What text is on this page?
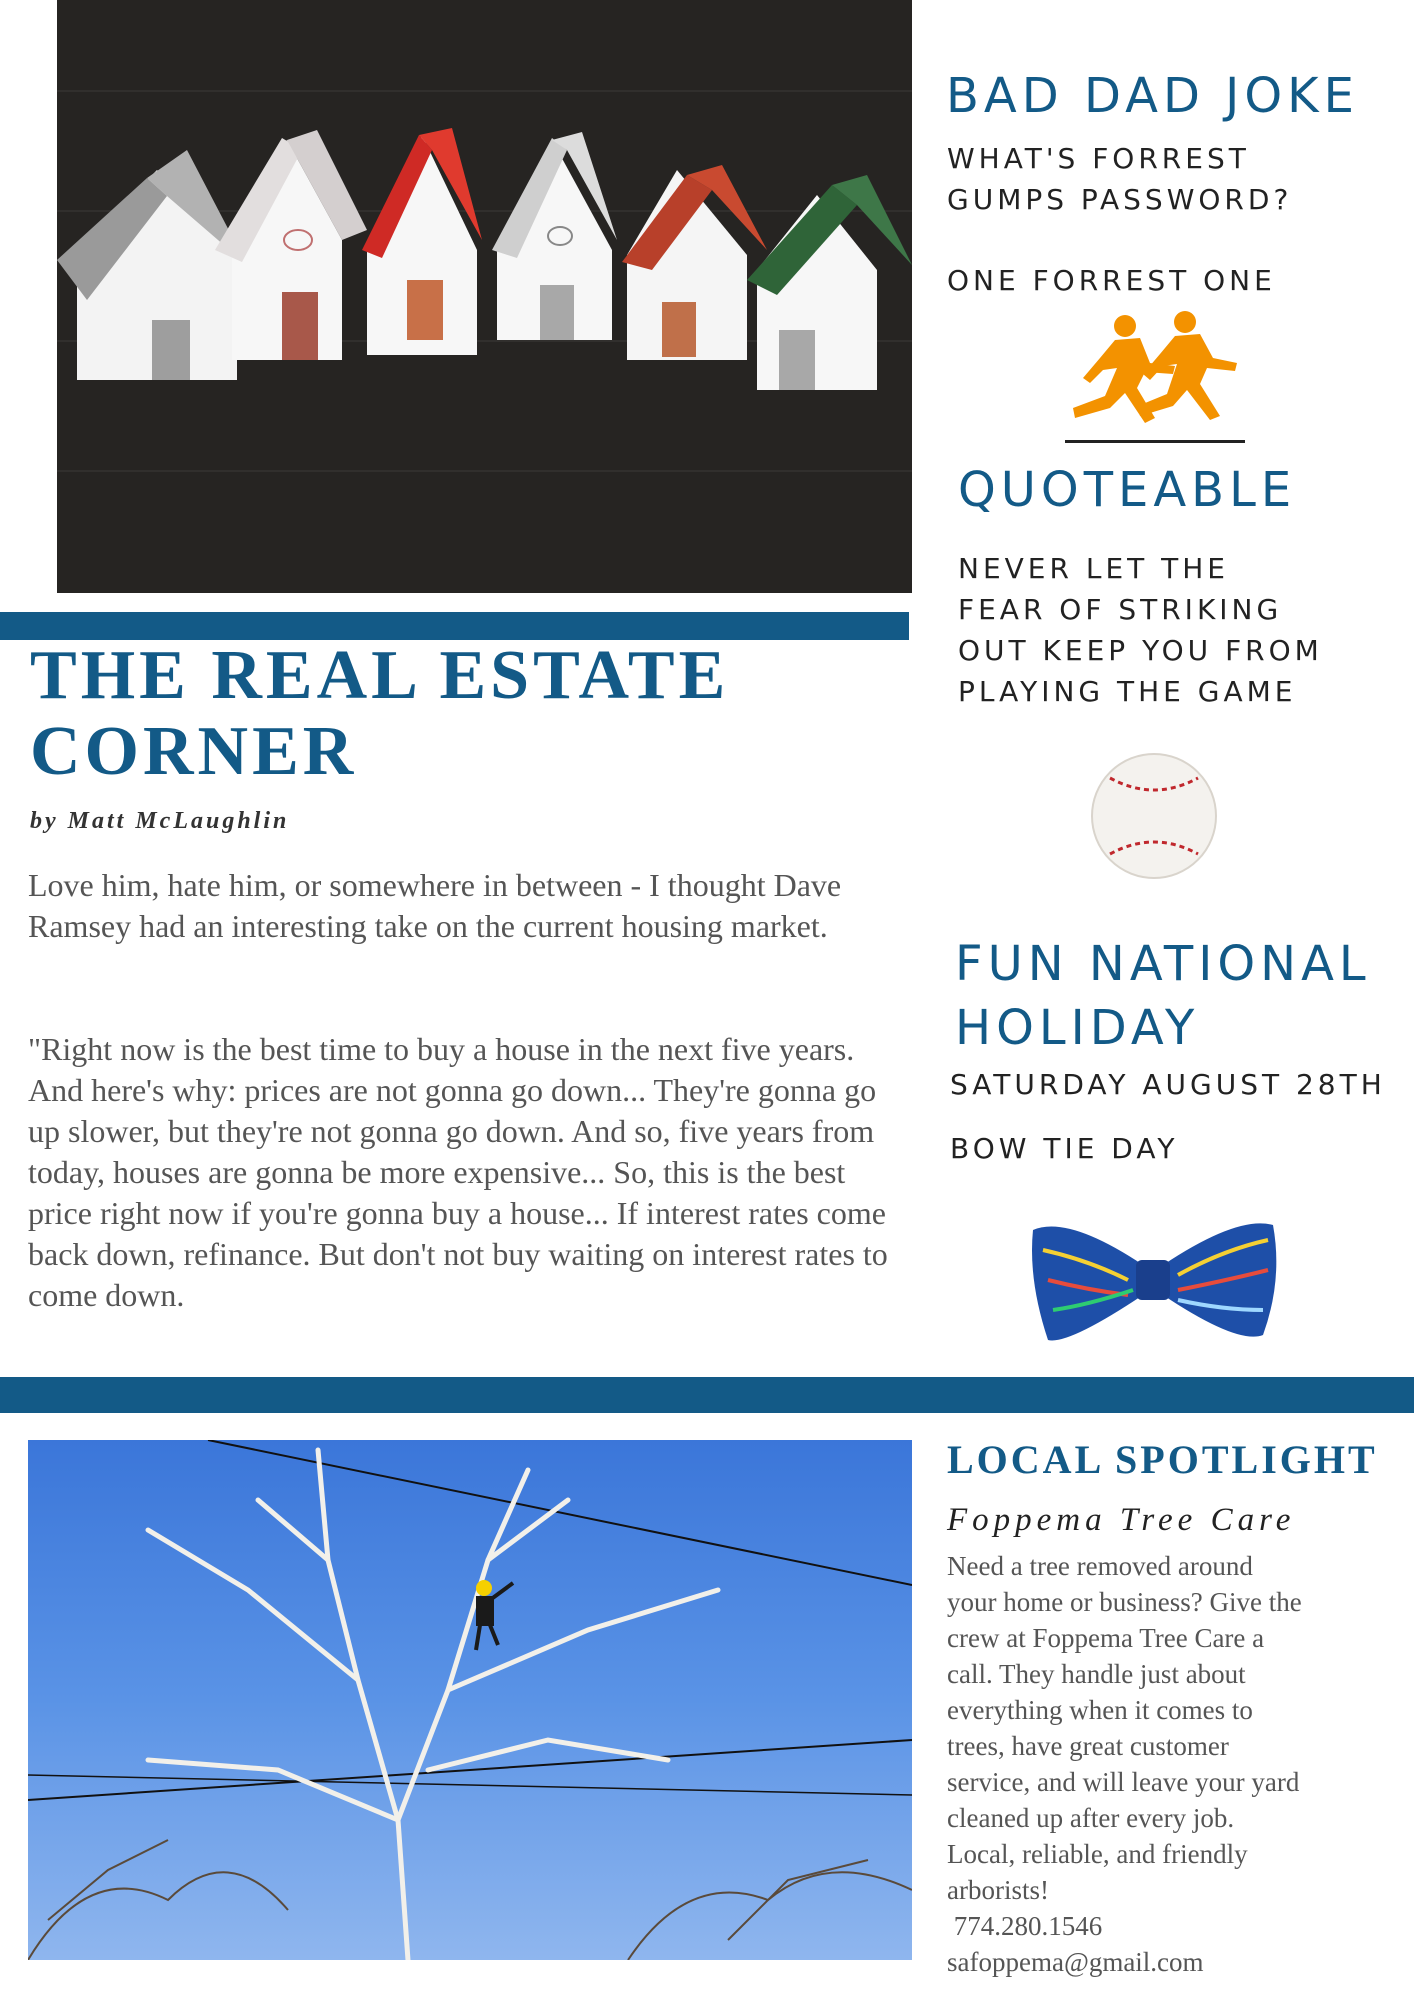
THE REAL ESTATE
CORNER
by Matt McLaughlin

Love him, hate him, or somewhere in between - I thought Dave Ramsey had an interesting take on the current housing market.

"Right now is the best time to buy a house in the next five years. And here's why: prices are not gonna go down... They're gonna go up slower, but they're not gonna go down. And so, five years from today, houses are gonna be more expensive... So, this is the best price right now if you're gonna buy a house... If interest rates come back down, refinance. But don't not buy waiting on interest rates to come down.

BAD DAD JOKE

WHAT'S FORREST
GUMPS PASSWORD?

ONE FORREST ONE

QUOTEABLE

NEVER LET THE
FEAR OF STRIKING
OUT KEEP YOU FROM
PLAYING THE GAME

FUN NATIONAL
HOLIDAY

SATURDAY AUGUST 28TH

BOW TIE DAY

LOCAL SPOTLIGHT
Foppema Tree Care

Need a tree removed around
your home or business? Give the
crew at Foppema Tree Care a
call. They handle just about
everything when it comes to
trees, have great customer
service, and will leave your yard
cleaned up after every job.
Local, reliable, and friendly
arborists!
774.280.1546
safoppema@gmail.com
